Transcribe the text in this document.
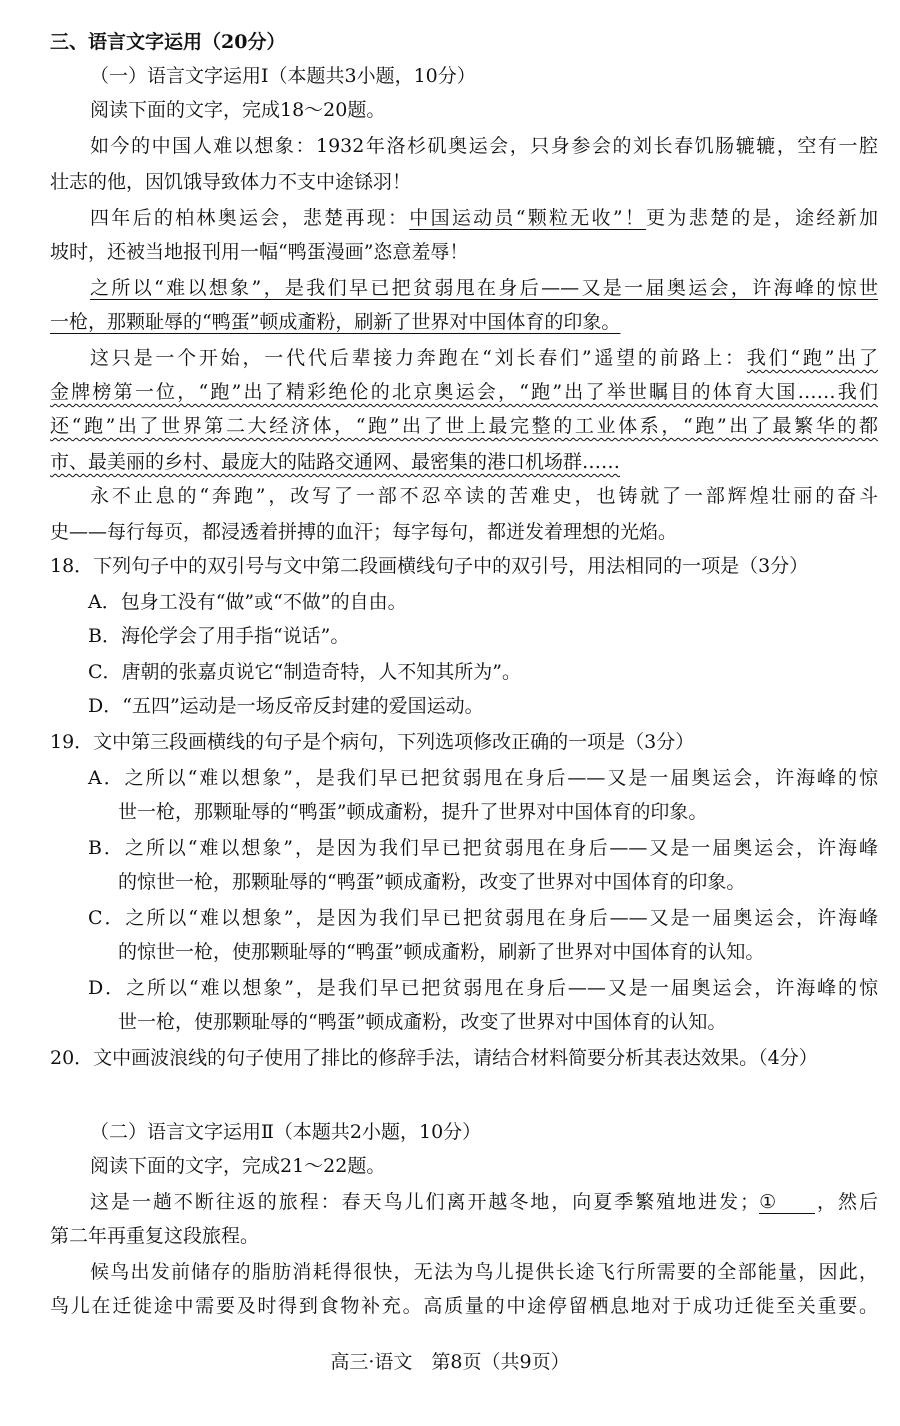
三、语言文字运用（20分）
（一）语言文字运用Ⅰ（本题共3小题，10分）
阅读下面的文字，完成18～20题。
如今的中国人难以想象：1932年洛杉矶奥运会，只身参会的刘长春饥肠辘辘，空有一腔
壮志的他，因饥饿导致体力不支中途铩羽！
四年后的柏林奥运会，悲楚再现：中国运动员“颗粒无收”！更为悲楚的是，途经新加
坡时，还被当地报刊用一幅“鸭蛋漫画”恣意羞辱！
之所以“难以想象”，是我们早已把贫弱甩在身后——又是一届奥运会，许海峰的惊世
一枪，那颗耻辱的“鸭蛋”顿成齑粉，刷新了世界对中国体育的印象。
这只是一个开始，一代代后辈接力奔跑在“刘长春们”遥望的前路上：我们“跑”出了
金牌榜第一位，“跑”出了精彩绝伦的北京奥运会，“跑”出了举世瞩目的体育大国……我们
还“跑”出了世界第二大经济体，“跑”出了世上最完整的工业体系，“跑”出了最繁华的都
市、最美丽的乡村、最庞大的陆路交通网、最密集的港口机场群……
永不止息的“奔跑”，改写了一部不忍卒读的苦难史，也铸就了一部辉煌壮丽的奋斗
史——每行每页，都浸透着拼搏的血汗；每字每句，都迸发着理想的光焰。
18．下列句子中的双引号与文中第二段画横线句子中的双引号，用法相同的一项是（3分）
A．包身工没有“做”或“不做”的自由。
B．海伦学会了用手指“说话”。
C．唐朝的张嘉贞说它“制造奇特，人不知其所为”。
D．“五四”运动是一场反帝反封建的爱国运动。
19．文中第三段画横线的句子是个病句，下列选项修改正确的一项是（3分）
A．之所以“难以想象”，是我们早已把贫弱甩在身后——又是一届奥运会，许海峰的惊
世一枪，那颗耻辱的“鸭蛋”顿成齑粉，提升了世界对中国体育的印象。
B．之所以“难以想象”，是因为我们早已把贫弱甩在身后——又是一届奥运会，许海峰
的惊世一枪，那颗耻辱的“鸭蛋”顿成齑粉，改变了世界对中国体育的印象。
C．之所以“难以想象”，是因为我们早已把贫弱甩在身后——又是一届奥运会，许海峰
的惊世一枪，使那颗耻辱的“鸭蛋”顿成齑粉，刷新了世界对中国体育的认知。
D．之所以“难以想象”，是我们早已把贫弱甩在身后——又是一届奥运会，许海峰的惊
世一枪，使那颗耻辱的“鸭蛋”顿成齑粉，改变了世界对中国体育的认知。
20．文中画波浪线的句子使用了排比的修辞手法，请结合材料简要分析其表达效果。（4分）
（二）语言文字运用Ⅱ（本题共2小题，10分）
阅读下面的文字，完成21～22题。
这是一趟不断往返的旅程：春天鸟儿们离开越冬地，向夏季繁殖地进发；① ，然后
第二年再重复这段旅程。
候鸟出发前储存的脂肪消耗得很快，无法为鸟儿提供长途飞行所需要的全部能量，因此，
鸟儿在迁徙途中需要及时得到食物补充。高质量的中途停留栖息地对于成功迁徙至关重要。
高三·语文　第8页（共9页）
